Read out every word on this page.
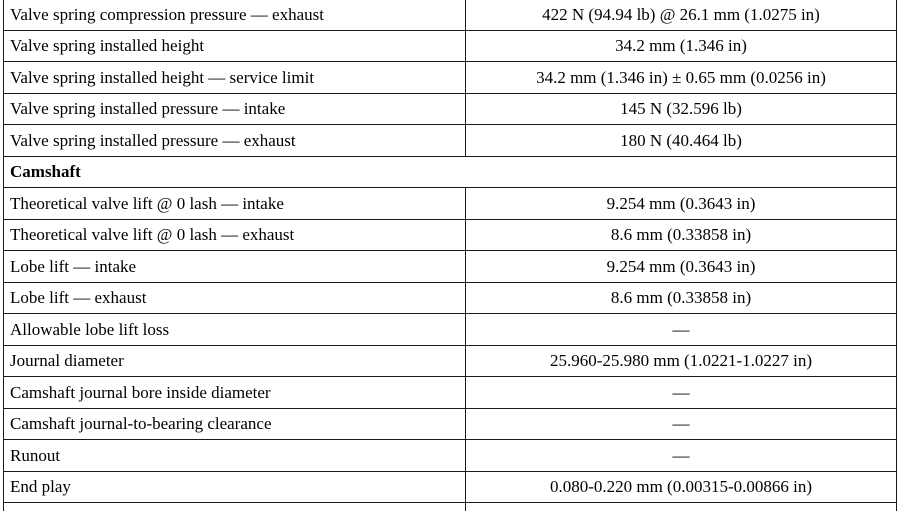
Valve spring compression pressure — exhaust	422 N (94.94 lb) @ 26.1 mm (1.0275 in)
Valve spring installed height	34.2 mm (1.346 in)
Valve spring installed height — service limit	34.2 mm (1.346 in) ± 0.65 mm (0.0256 in)
Valve spring installed pressure — intake	145 N (32.596 lb)
Valve spring installed pressure — exhaust	180 N (40.464 lb)
Camshaft	
Theoretical valve lift @ 0 lash — intake	9.254 mm (0.3643 in)
Theoretical valve lift @ 0 lash — exhaust	8.6 mm (0.33858 in)
Lobe lift — intake	9.254 mm (0.3643 in)
Lobe lift — exhaust	8.6 mm (0.33858 in)
Allowable lobe lift loss	—
Journal diameter	25.960-25.980 mm (1.0221-1.0227 in)
Camshaft journal bore inside diameter	—
Camshaft journal-to-bearing clearance	—
Runout	—
End play	0.080-0.220 mm (0.00315-0.00866 in)
